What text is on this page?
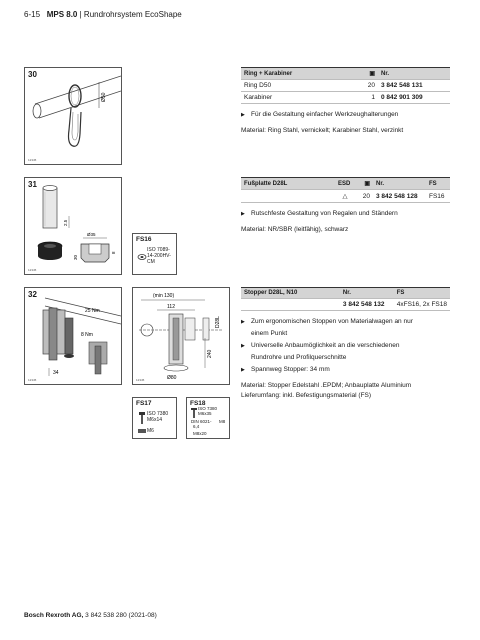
6-15 MPS 8.0 | Rundrohrsystem EcoShape
30
Ø50
12345
Ring + Karabiner	▣	Nr.
Ring D50	20	3 842 548 131
Karabiner	1	0 842 901 309
▶ Für die Gestaltung einfacher Werkzeughalterungen
Material: Ring Stahl, vernickelt; Karabiner Stahl, verzinkt
31
2.5
Ø35
30
8
12345
FS16
ISO 7089-
14-200HV-
CM
Fußplatte D28L	ESD	▣	Nr.	FS
	△	20	3 842 548 128	FS16
▶ Rutschfeste Gestaltung von Regalen und Ständern
Material: NR/SBR (leitfähig), schwarz
32
25 Nm
8 Nm
34
12345
(min 130)
112
D28L
240
Ø80
12345
FS17
ISO 7380
M6x14
M6
FS18
ISO 7380
M6x35
DIN 6021-
6,4
M8
M8x20
Stopper D28L, N10	Nr.	FS
	3 842 548 132	4xFS16, 2x FS18
▶ Zum ergonomischen Stoppen von Materialwagen an nur
einem Punkt
▶ Universelle Anbaumöglichkeit an die verschiedenen
Rundrohre und Profilquerschnitte
▶ Spannweg Stopper: 34 mm
Material: Stopper Edelstahl .EPDM; Anbauplatte Aluminium
Lieferumfang: inkl. Befestigungsmaterial (FS)
Bosch Rexroth AG, 3 842 538 280 (2021-08)
